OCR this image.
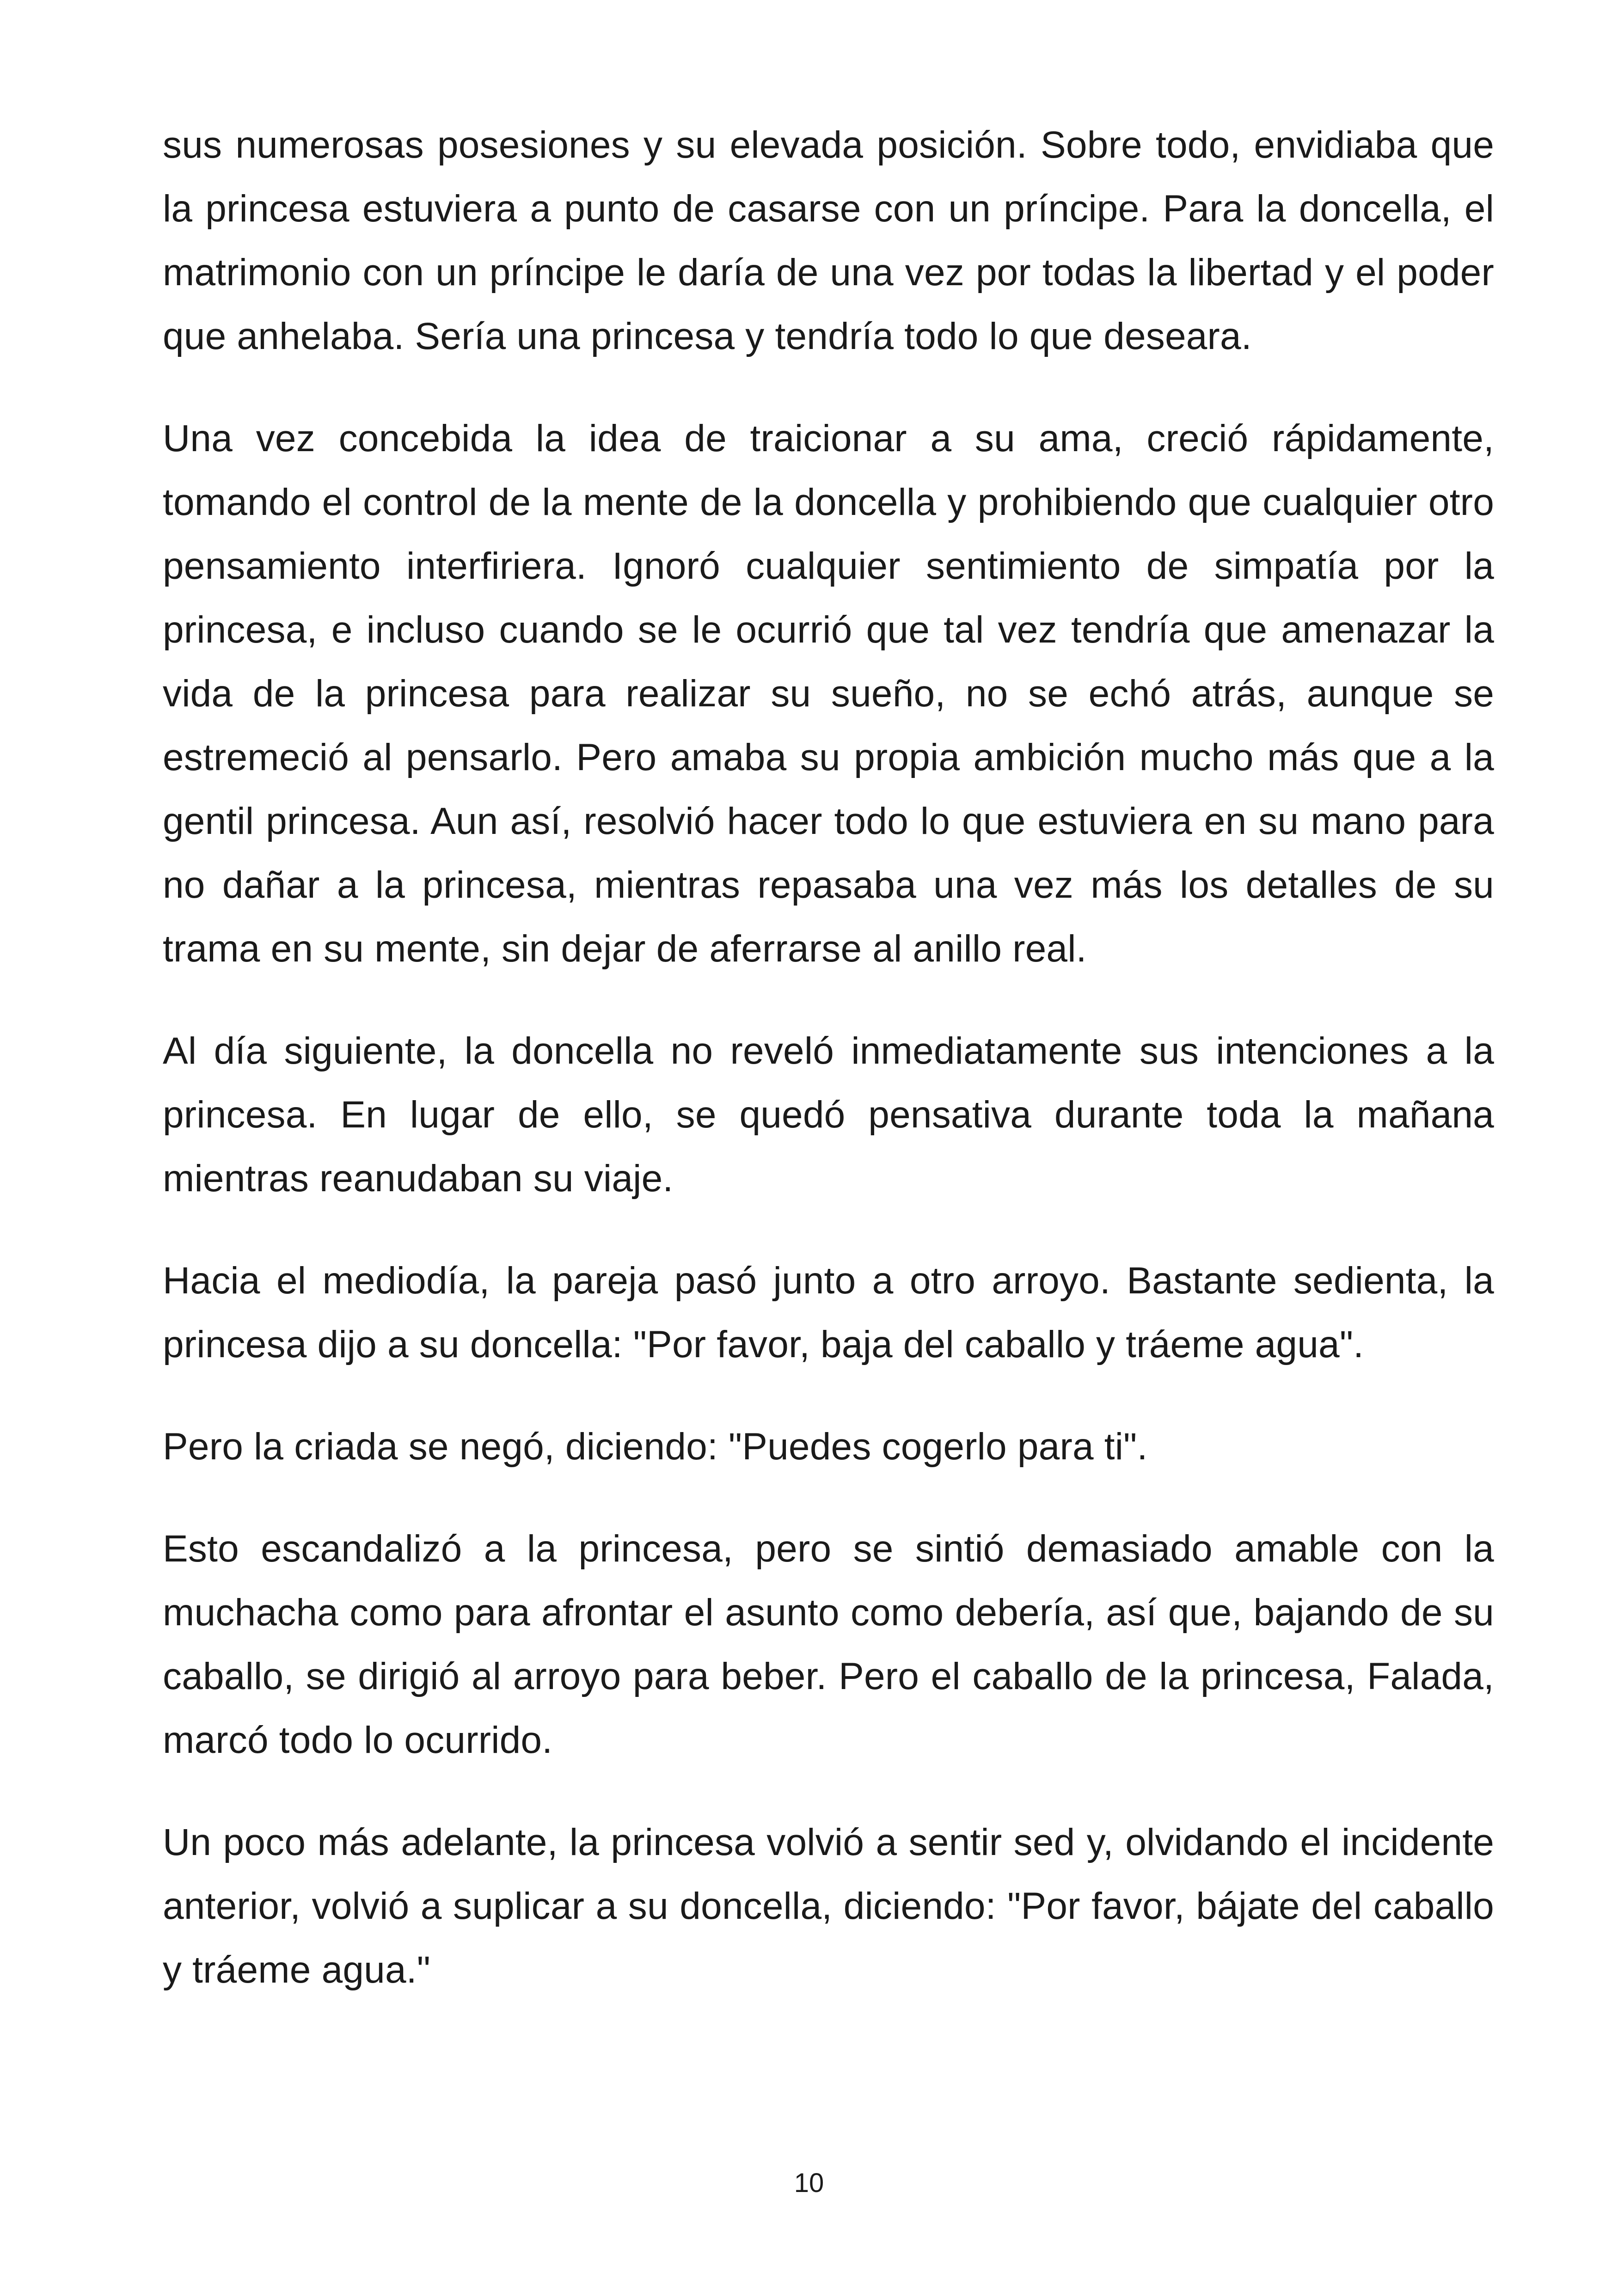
sus numerosas posesiones y su elevada posición. Sobre todo, envidiaba que la princesa estuviera a punto de casarse con un príncipe. Para la doncella, el matrimonio con un príncipe le daría de una vez por todas la libertad y el poder que anhelaba. Sería una princesa y tendría todo lo que deseara.

Una vez concebida la idea de traicionar a su ama, creció rápidamente, tomando el control de la mente de la doncella y prohibiendo que cualquier otro pensamiento interfiriera. Ignoró cualquier sentimiento de simpatía por la princesa, e incluso cuando se le ocurrió que tal vez tendría que amenazar la vida de la princesa para realizar su sueño, no se echó atrás, aunque se estremeció al pensarlo. Pero amaba su propia ambición mucho más que a la gentil princesa. Aun así, resolvió hacer todo lo que estuviera en su mano para no dañar a la princesa, mientras repasaba una vez más los detalles de su trama en su mente, sin dejar de aferrarse al anillo real.

Al día siguiente, la doncella no reveló inmediatamente sus intenciones a la princesa. En lugar de ello, se quedó pensativa durante toda la mañana mientras reanudaban su viaje.

Hacia el mediodía, la pareja pasó junto a otro arroyo. Bastante sedienta, la princesa dijo a su doncella: "Por favor, baja del caballo y tráeme agua".

Pero la criada se negó, diciendo: "Puedes cogerlo para ti".

Esto escandalizó a la princesa, pero se sintió demasiado amable con la muchacha como para afrontar el asunto como debería, así que, bajando de su caballo, se dirigió al arroyo para beber. Pero el caballo de la princesa, Falada, marcó todo lo ocurrido.

Un poco más adelante, la princesa volvió a sentir sed y, olvidando el incidente anterior, volvió a suplicar a su doncella, diciendo: "Por favor, bájate del caballo y tráeme agua."

10
